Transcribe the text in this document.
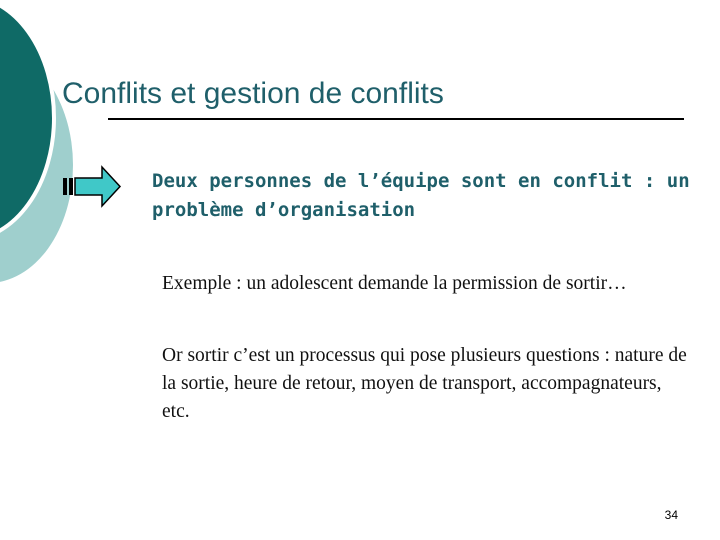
Conflits et gestion de conflits

Deux personnes de l’équipe sont en conflit : un problème d’organisation

Exemple : un adolescent demande la permission de sortir…

Or sortir c’est un processus qui pose plusieurs questions : nature de la sortie, heure de retour, moyen de transport, accompagnateurs, etc.

34
